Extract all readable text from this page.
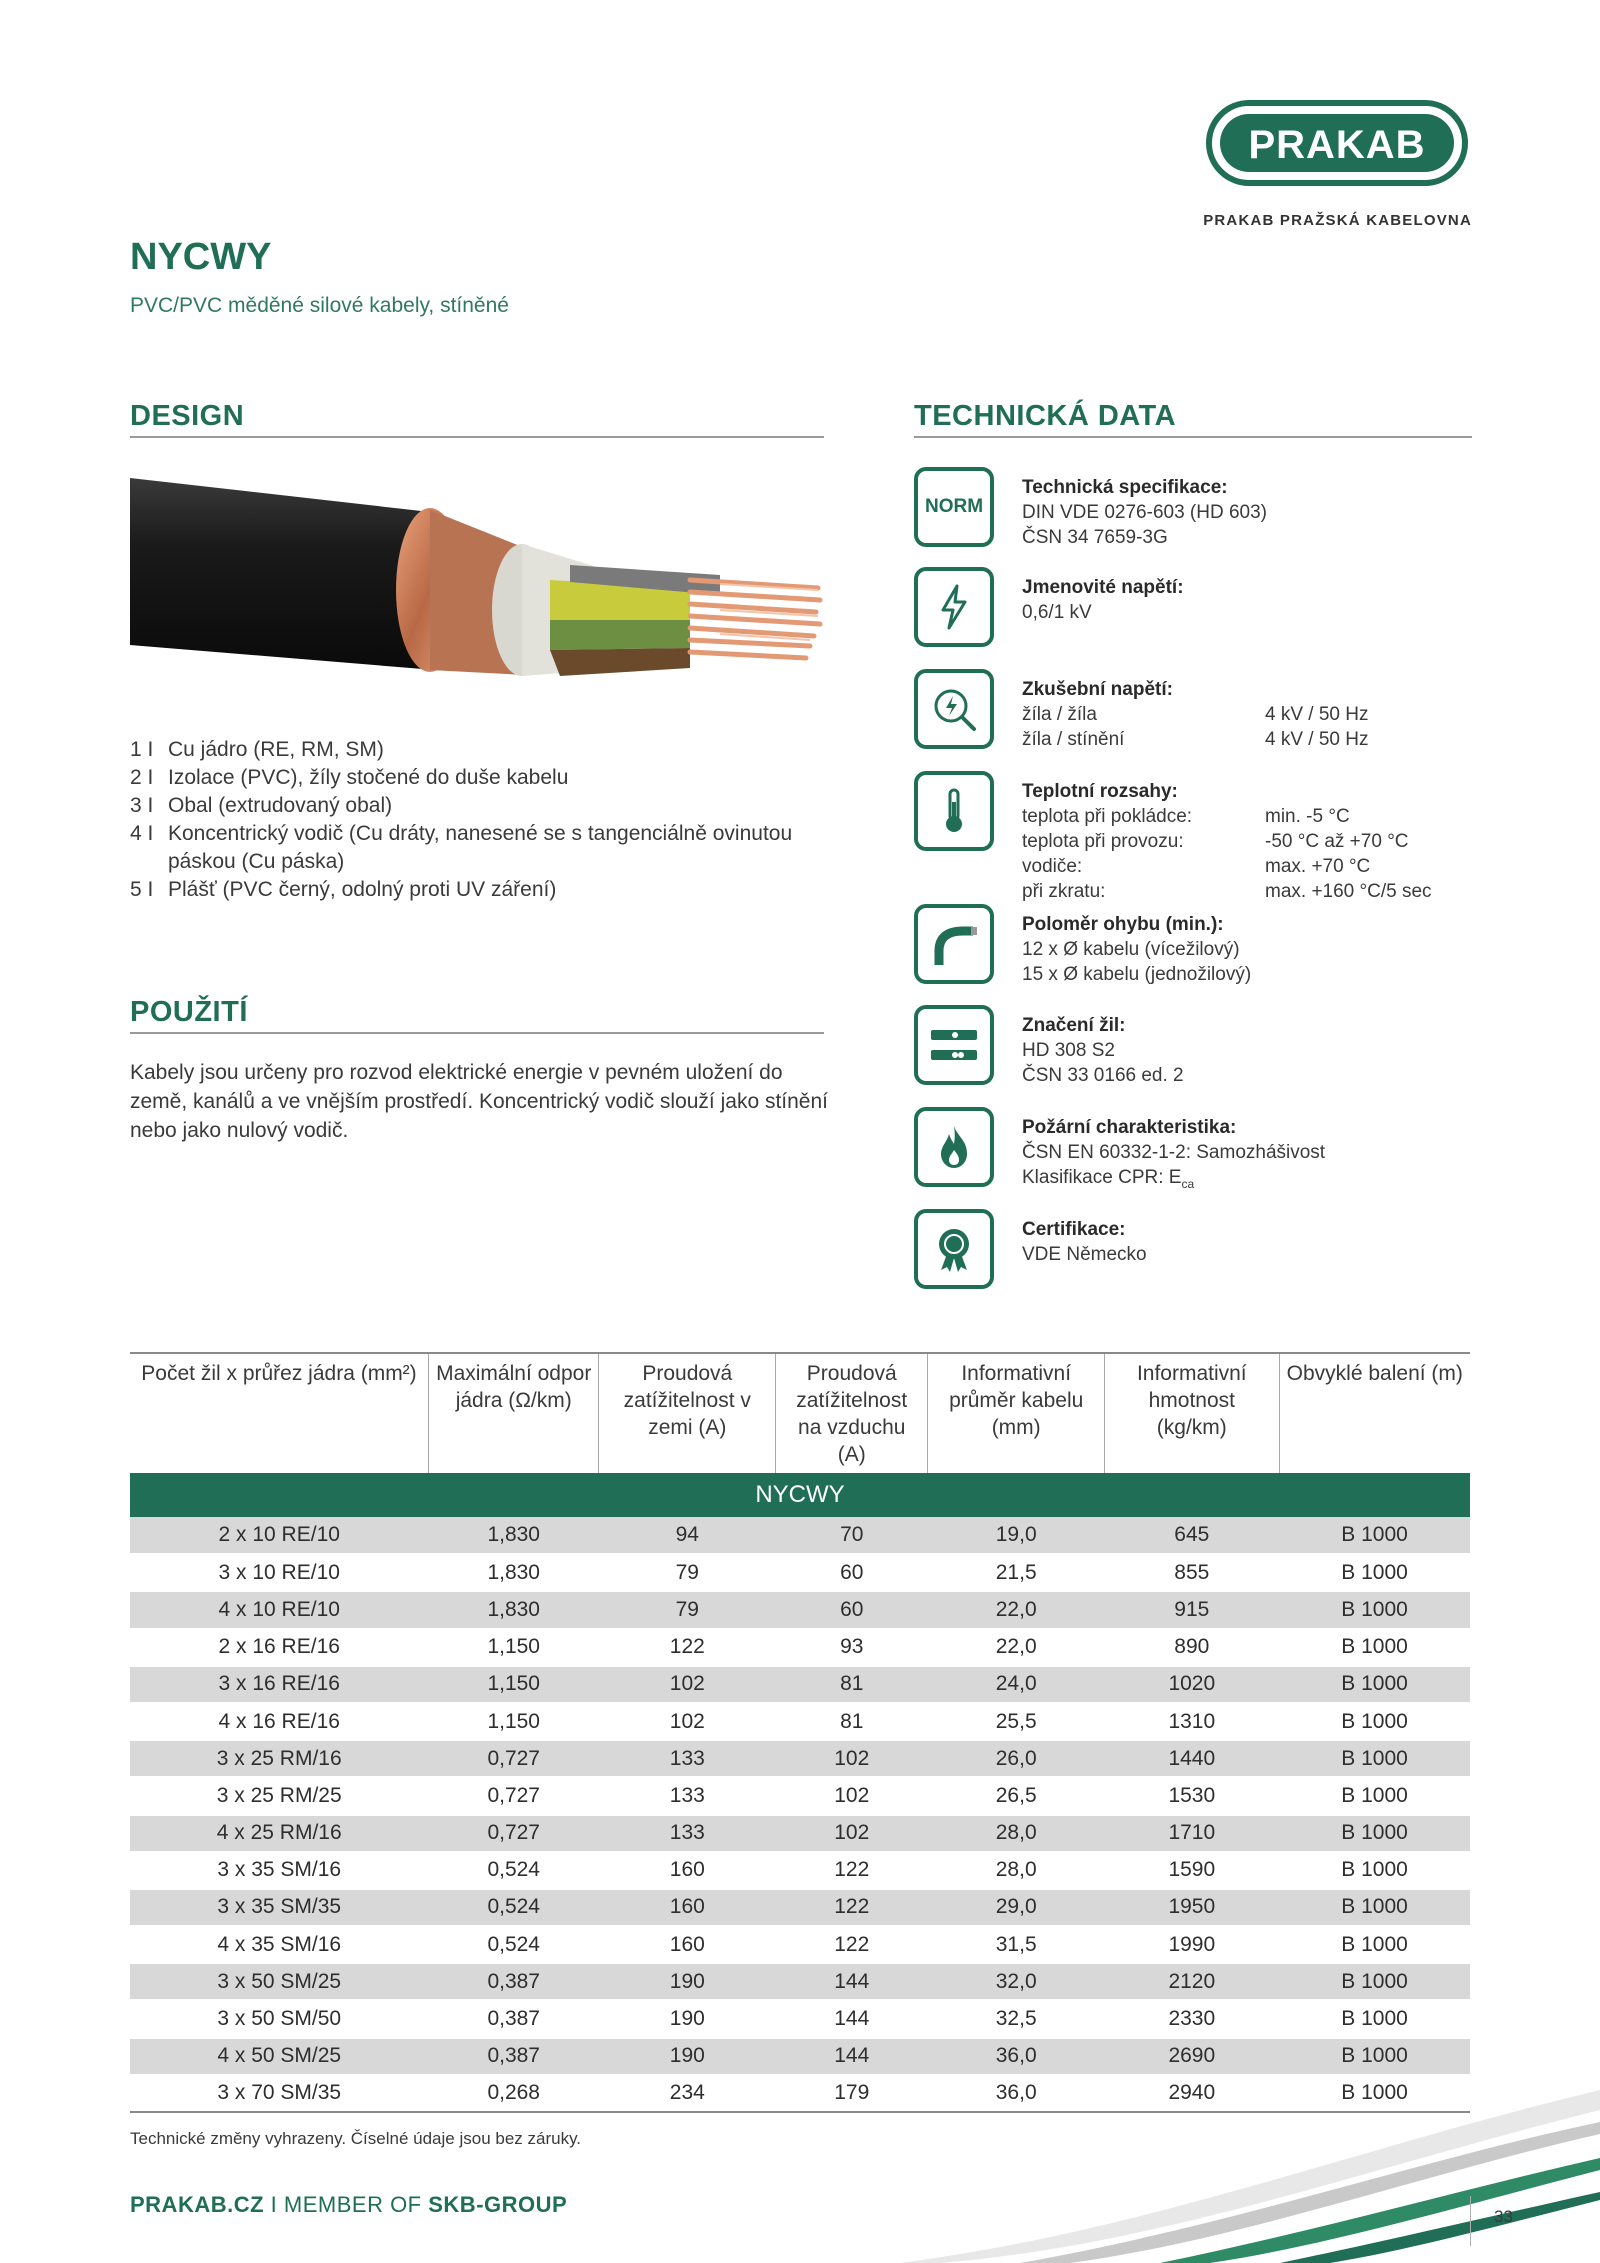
PRAKAB
PRAKAB PRAŽSKÁ KABELOVNA
NYCWY
PVC/PVC měděné silové kabely, stíněné
DESIGN
1 I Cu jádro (RE, RM, SM)
2 I Izolace (PVC), žíly stočené do duše kabelu
3 I Obal (extrudovaný obal)
4 I Koncentrický vodič (Cu dráty, nanesené se s tangenciálně ovinutou páskou (Cu páska)
5 I Plášť (PVC černý, odolný proti UV záření)
POUŽITÍ
Kabely jsou určeny pro rozvod elektrické energie v pevném uložení do země, kanálů a ve vnějším prostředí. Koncentrický vodič slouží jako stínění nebo jako nulový vodič.
TECHNICKÁ DATA
NORM
Technická specifikace:
DIN VDE 0276-603 (HD 603)
ČSN 34 7659-3G
Jmenovité napětí:
0,6/1 kV
Zkušební napětí:
žíla / žíla	4 kV / 50 Hz
žíla / stínění	4 kV / 50 Hz
Teplotní rozsahy:
teplota při pokládce:	min. -5 °C
teplota při provozu:	-50 °C až +70 °C
vodiče:	max. +70 °C
při zkratu:	max. +160 °C/5 sec
Poloměr ohybu (min.):
12 x Ø kabelu (vícežilový)
15 x Ø kabelu (jednožilový)
Značení žil:
HD 308 S2
ČSN 33 0166 ed. 2
Požární charakteristika:
ČSN EN 60332-1-2: Samozhášivost
Klasifikace CPR: $E_{ca}$
Certifikace:
VDE Německo
Počet žil x průřez jádra (mm²)	Maximální odpor jádra (Ω/km)	Proudová zatížitelnost v zemi (A)	Proudová zatížitelnost na vzduchu (A)	Informativní průměr kabelu (mm)	Informativní hmotnost (kg/km)	Obvyklé balení (m)
NYCWY						
2 x 10 RE/10	1,830	94	70	19,0	645	B 1000
3 x 10 RE/10	1,830	79	60	21,5	855	B 1000
4 x 10 RE/10	1,830	79	60	22,0	915	B 1000
2 x 16 RE/16	1,150	122	93	22,0	890	B 1000
3 x 16 RE/16	1,150	102	81	24,0	1020	B 1000
4 x 16 RE/16	1,150	102	81	25,5	1310	B 1000
3 x 25 RM/16	0,727	133	102	26,0	1440	B 1000
3 x 25 RM/25	0,727	133	102	26,5	1530	B 1000
4 x 25 RM/16	0,727	133	102	28,0	1710	B 1000
3 x 35 SM/16	0,524	160	122	28,0	1590	B 1000
3 x 35 SM/35	0,524	160	122	29,0	1950	B 1000
4 x 35 SM/16	0,524	160	122	31,5	1990	B 1000
3 x 50 SM/25	0,387	190	144	32,0	2120	B 1000
3 x 50 SM/50	0,387	190	144	32,5	2330	B 1000
4 x 50 SM/25	0,387	190	144	36,0	2690	B 1000
3 x 70 SM/35	0,268	234	179	36,0	2940	B 1000
Technické změny vyhrazeny. Číselné údaje jsou bez záruky.
PRAKAB.CZ I MEMBER OF SKB-GROUP	33
